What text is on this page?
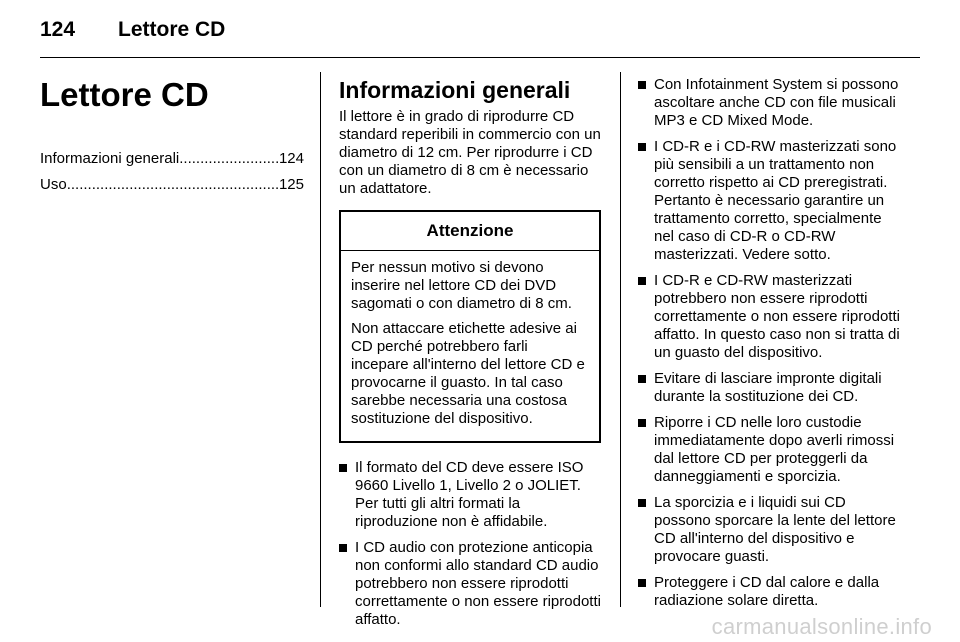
124	Lettore CD
Lettore CD
Informazioni generali .....	124
Uso .....	125
Informazioni generali

Il lettore è in grado di riprodurre CD standard reperibili in commercio con un diametro di 12 cm. Per riprodurre i CD con un diametro di 8 cm è necessario un adattatore.

Attenzione

Per nessun motivo si devono inserire nel lettore CD dei DVD sagomati o con diametro di 8 cm.

Non attaccare etichette adesive ai CD perché potrebbero farli incepare all'interno del lettore CD e provocarne il guasto. In tal caso sarebbe necessaria una costosa sostituzione del dispositivo.

Il formato del CD deve essere ISO 9660 Livello 1, Livello 2 o JOLIET. Per tutti gli altri formati la riproduzione non è affidabile.
I CD audio con protezione anticopia non conformi allo standard CD audio potrebbero non essere riprodotti correttamente o non essere riprodotti affatto.
Con Infotainment System si possono ascoltare anche CD con file musicali MP3 e CD Mixed Mode.
I CD-R e i CD-RW masterizzati sono più sensibili a un trattamento non corretto rispetto ai CD preregistrati. Pertanto è necessario garantire un trattamento corretto, specialmente nel caso di CD-R o CD-RW masterizzati. Vedere sotto.
I CD-R e CD-RW masterizzati potrebbero non essere riprodotti correttamente o non essere riprodotti affatto. In questo caso non si tratta di un guasto del dispositivo.
Evitare di lasciare impronte digitali durante la sostituzione dei CD.
Riporre i CD nelle loro custodie immediatamente dopo averli rimossi dal lettore CD per proteggerli da danneggiamenti e sporcizia.
La sporcizia e i liquidi sui CD possono sporcare la lente del lettore CD all'interno del dispositivo e provocare guasti.
Proteggere i CD dal calore e dalla radiazione solare diretta.
carmanualsonline.info
